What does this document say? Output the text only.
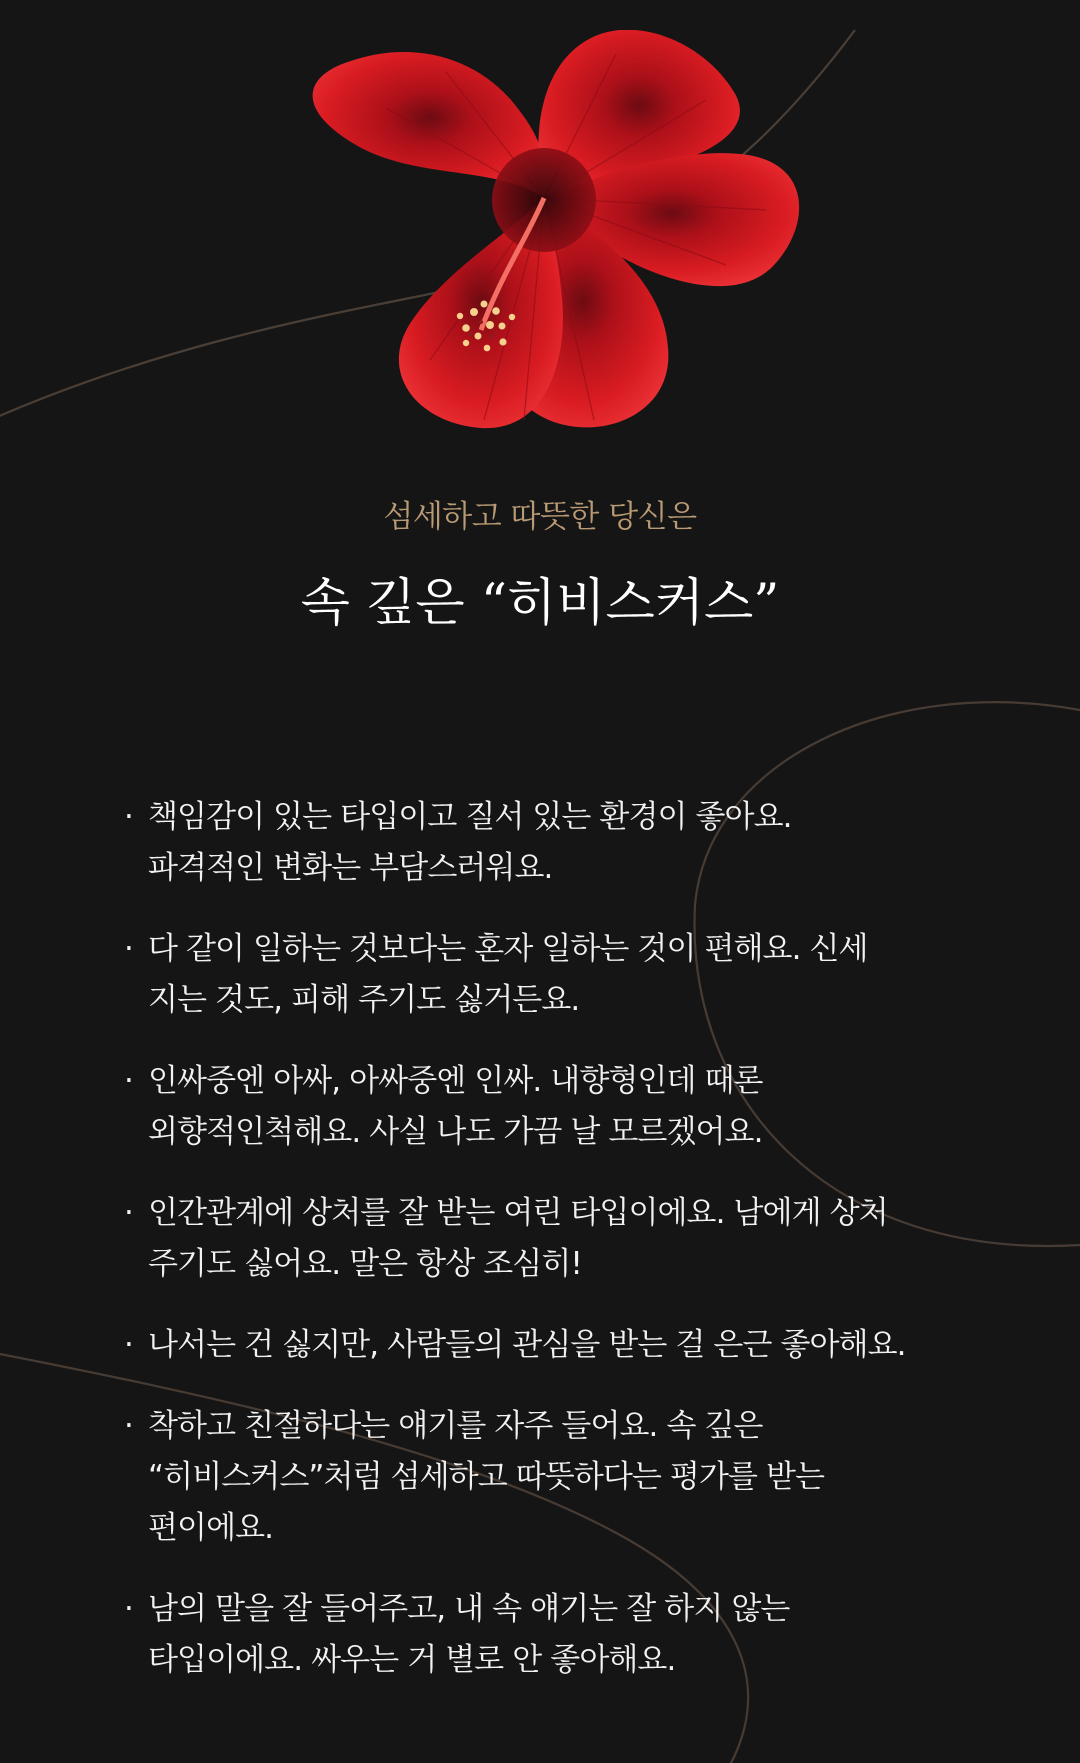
섬세하고 따뜻한 당신은
속 깊은 “히비스커스”
· 책임감이 있는 타입이고 질서 있는 환경이 좋아요.
파격적인 변화는 부담스러워요.
· 다 같이 일하는 것보다는 혼자 일하는 것이 편해요. 신세
지는 것도, 피해 주기도 싫거든요.
· 인싸중엔 아싸, 아싸중엔 인싸. 내향형인데 때론
외향적인척해요. 사실 나도 가끔 날 모르겠어요.
· 인간관계에 상처를 잘 받는 여린 타입이에요. 남에게 상처
주기도 싫어요. 말은 항상 조심히!
· 나서는 건 싫지만, 사람들의 관심을 받는 걸 은근 좋아해요.
· 착하고 친절하다는 얘기를 자주 들어요. 속 깊은
“히비스커스”처럼 섬세하고 따뜻하다는 평가를 받는
편이에요.
· 남의 말을 잘 들어주고, 내 속 얘기는 잘 하지 않는
타입이에요. 싸우는 거 별로 안 좋아해요.
